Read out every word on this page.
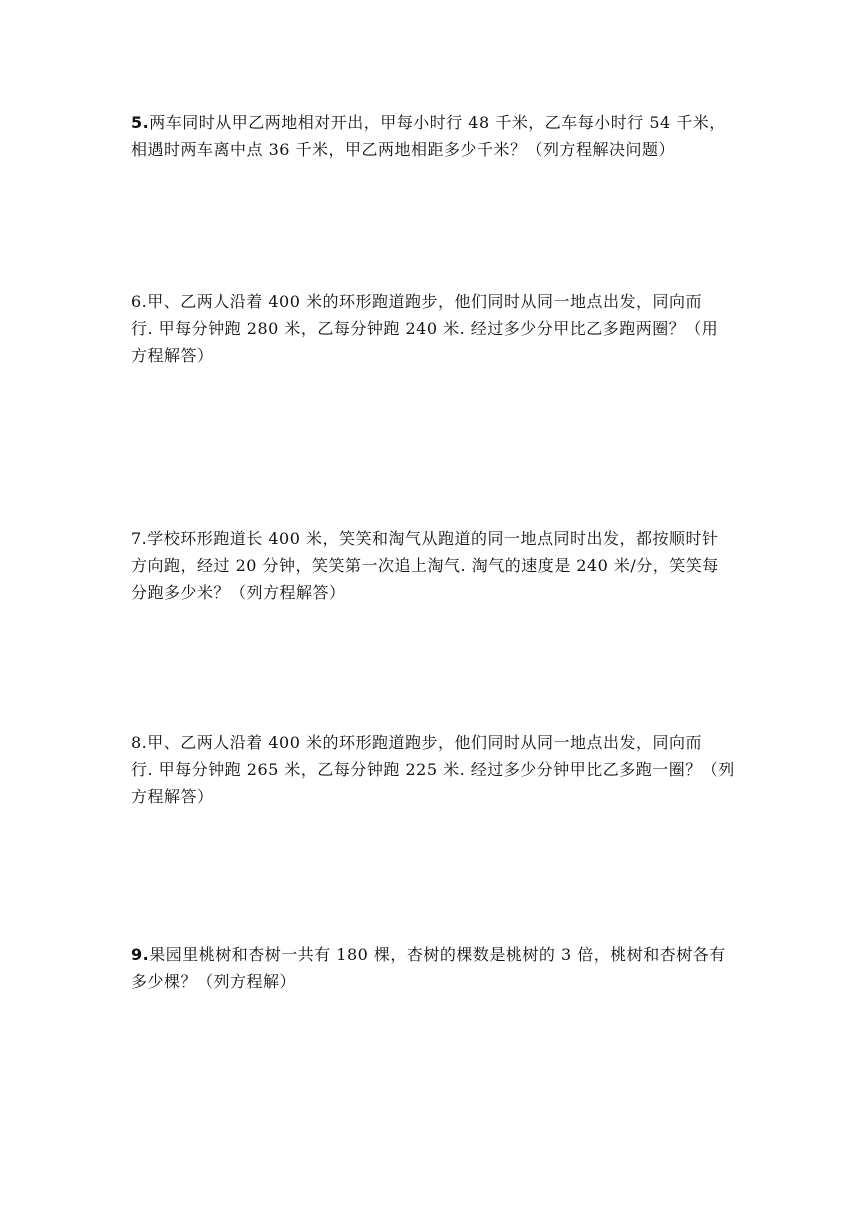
5.两车同时从甲乙两地相对开出，甲每小时行 48 千米，乙车每小时行 54 千米，
相遇时两车离中点 36 千米，甲乙两地相距多少千米？（列方程解决问题）
6.甲、乙两人沿着 400 米的环形跑道跑步，他们同时从同一地点出发，同向而
行. 甲每分钟跑 280 米，乙每分钟跑 240 米. 经过多少分甲比乙多跑两圈？（用
方程解答）
7.学校环形跑道长 400 米，笑笑和淘气从跑道的同一地点同时出发，都按顺时针
方向跑，经过 20 分钟，笑笑第一次追上淘气. 淘气的速度是 240 米/分，笑笑每
分跑多少米？（列方程解答）
8.甲、乙两人沿着 400 米的环形跑道跑步，他们同时从同一地点出发，同向而
行. 甲每分钟跑 265 米，乙每分钟跑 225 米. 经过多少分钟甲比乙多跑一圈？（列
方程解答）
9.果园里桃树和杏树一共有 180 棵，杏树的棵数是桃树的 3 倍，桃树和杏树各有
多少棵？（列方程解）
